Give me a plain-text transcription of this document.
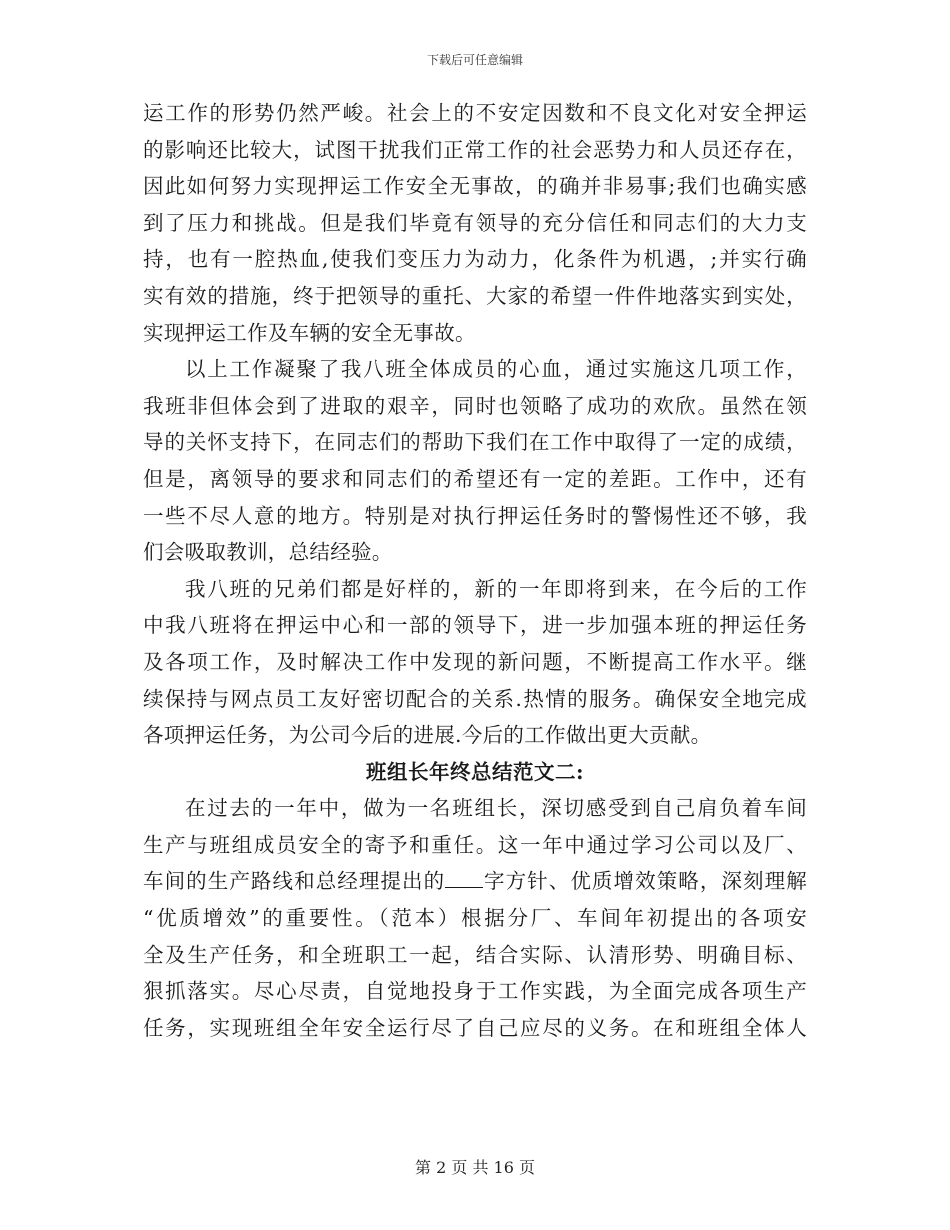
下载后可任意编辑
运工作的形势仍然严峻。社会上的不安定因数和不良文化对安全押运
的影响还比较大，试图干扰我们正常工作的社会恶势力和人员还存在，
因此如何努力实现押运工作安全无事故，的确并非易事;我们也确实感
到了压力和挑战。但是我们毕竟有领导的充分信任和同志们的大力支
持，也有一腔热血,使我们变压力为动力，化条件为机遇，;并实行确
实有效的措施，终于把领导的重托、大家的希望一件件地落实到实处，
实现押运工作及车辆的安全无事故。
以上工作凝聚了我八班全体成员的心血，通过实施这几项工作，
我班非但体会到了进取的艰辛，同时也领略了成功的欢欣。虽然在领
导的关怀支持下，在同志们的帮助下我们在工作中取得了一定的成绩，
但是，离领导的要求和同志们的希望还有一定的差距。工作中，还有
一些不尽人意的地方。特别是对执行押运任务时的警惕性还不够，我
们会吸取教训，总结经验。
我八班的兄弟们都是好样的，新的一年即将到来，在今后的工作
中我八班将在押运中心和一部的领导下，进一步加强本班的押运任务
及各项工作，及时解决工作中发现的新问题，不断提高工作水平。继
续保持与网点员工友好密切配合的关系.热情的服务。确保安全地完成
各项押运任务，为公司今后的进展.今后的工作做出更大贡献。
班组长年终总结范文二:
在过去的一年中，做为一名班组长，深切感受到自己肩负着车间
生产与班组成员安全的寄予和重任。这一年中通过学习公司以及厂、
车间的生产路线和总经理提出的 字方针、优质增效策略，深刻理解
“优质增效”的重要性。（范本）根据分厂、车间年初提出的各项安
全及生产任务，和全班职工一起，结合实际、认清形势、明确目标、
狠抓落实。尽心尽责，自觉地投身于工作实践，为全面完成各项生产
任务，实现班组全年安全运行尽了自己应尽的义务。在和班组全体人
第 2 页 共 16 页
